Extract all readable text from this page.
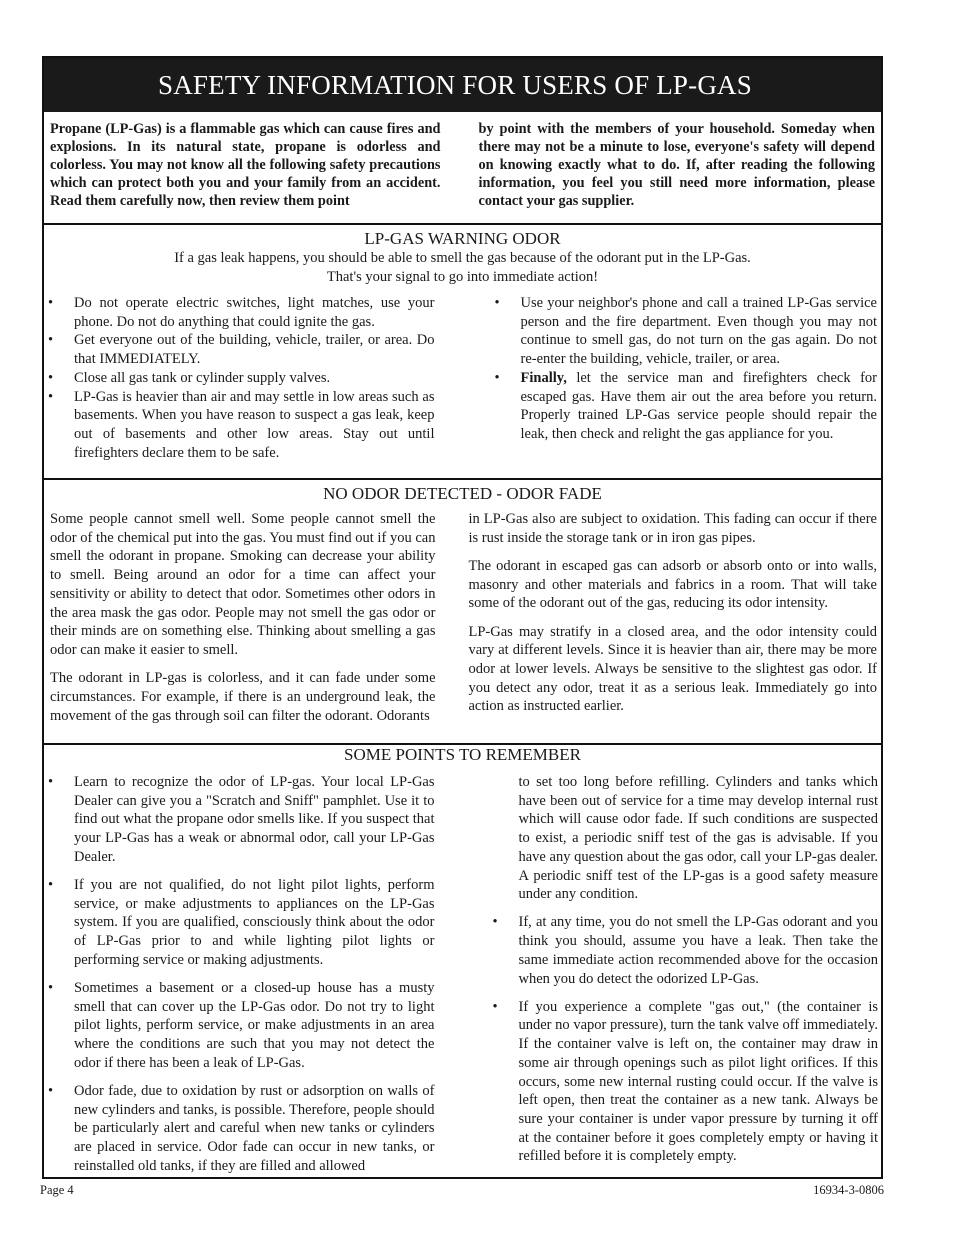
SAFETY INFORMATION FOR USERS OF LP-GAS
Propane (LP-Gas) is a flammable gas which can cause fires and explosions. In its natural state, propane is odorless and colorless. You may not know all the following safety precautions which can protect both you and your family from an accident. Read them carefully now, then review them point
by point with the members of your household. Someday when there may not be a minute to lose, everyone's safety will depend on knowing exactly what to do. If, after reading the following information, you feel you still need more information, please contact your gas supplier.
LP-GAS WARNING ODOR
If a gas leak happens, you should be able to smell the gas because of the odorant put in the LP-Gas.
That's your signal to go into immediate action!
• Do not operate electric switches, light matches, use your phone. Do not do anything that could ignite the gas.
• Get everyone out of the building, vehicle, trailer, or area. Do that IMMEDIATELY.
• Close all gas tank or cylinder supply valves.
• LP-Gas is heavier than air and may settle in low areas such as basements. When you have reason to suspect a gas leak, keep out of basements and other low areas. Stay out until firefighters declare them to be safe.
• Use your neighbor's phone and call a trained LP-Gas service person and the fire department. Even though you may not continue to smell gas, do not turn on the gas again. Do not re-enter the building, vehicle, trailer, or area.
• Finally, let the service man and firefighters check for escaped gas. Have them air out the area before you return. Properly trained LP-Gas service people should repair the leak, then check and relight the gas appliance for you.
NO ODOR DETECTED - ODOR FADE

Some people cannot smell well. Some people cannot smell the odor of the chemical put into the gas. You must find out if you can smell the odorant in propane. Smoking can decrease your ability to smell. Being around an odor for a time can affect your sensitivity or ability to detect that odor. Sometimes other odors in the area mask the gas odor. People may not smell the gas odor or their minds are on something else. Thinking about smelling a gas odor can make it easier to smell.

The odorant in LP-gas is colorless, and it can fade under some circumstances. For example, if there is an underground leak, the movement of the gas through soil can filter the odorant. Odorants

in LP-Gas also are subject to oxidation. This fading can occur if there is rust inside the storage tank or in iron gas pipes.

The odorant in escaped gas can adsorb or absorb onto or into walls, masonry and other materials and fabrics in a room. That will take some of the odorant out of the gas, reducing its odor intensity.

LP-Gas may stratify in a closed area, and the odor intensity could vary at different levels. Since it is heavier than air, there may be more odor at lower levels. Always be sensitive to the slightest gas odor. If you detect any odor, treat it as a serious leak. Immediately go into action as instructed earlier.

SOME POINTS TO REMEMBER
• Learn to recognize the odor of LP-gas. Your local LP-Gas Dealer can give you a "Scratch and Sniff" pamphlet. Use it to find out what the propane odor smells like. If you suspect that your LP-Gas has a weak or abnormal odor, call your LP-Gas Dealer.
• If you are not qualified, do not light pilot lights, perform service, or make adjustments to appliances on the LP-Gas system. If you are qualified, consciously think about the odor of LP-Gas prior to and while lighting pilot lights or performing service or making adjustments.
• Sometimes a basement or a closed-up house has a musty smell that can cover up the LP-Gas odor. Do not try to light pilot lights, perform service, or make adjustments in an area where the conditions are such that you may not detect the odor if there has been a leak of LP-Gas.
• Odor fade, due to oxidation by rust or adsorption on walls of new cylinders and tanks, is possible. Therefore, people should be particularly alert and careful when new tanks or cylinders are placed in service. Odor fade can occur in new tanks, or reinstalled old tanks, if they are filled and allowed
to set too long before refilling. Cylinders and tanks which have been out of service for a time may develop internal rust which will cause odor fade. If such conditions are suspected to exist, a periodic sniff test of the gas is advisable. If you have any question about the gas odor, call your LP-gas dealer. A periodic sniff test of the LP-gas is a good safety measure under any condition.
• If, at any time, you do not smell the LP-Gas odorant and you think you should, assume you have a leak. Then take the same immediate action recommended above for the occasion when you do detect the odorized LP-Gas.
• If you experience a complete "gas out," (the container is under no vapor pressure), turn the tank valve off immediately. If the container valve is left on, the container may draw in some air through openings such as pilot light orifices. If this occurs, some new internal rusting could occur. If the valve is left open, then treat the container as a new tank. Always be sure your container is under vapor pressure by turning it off at the container before it goes completely empty or having it refilled before it is completely empty.
Page 4	16934-3-0806
